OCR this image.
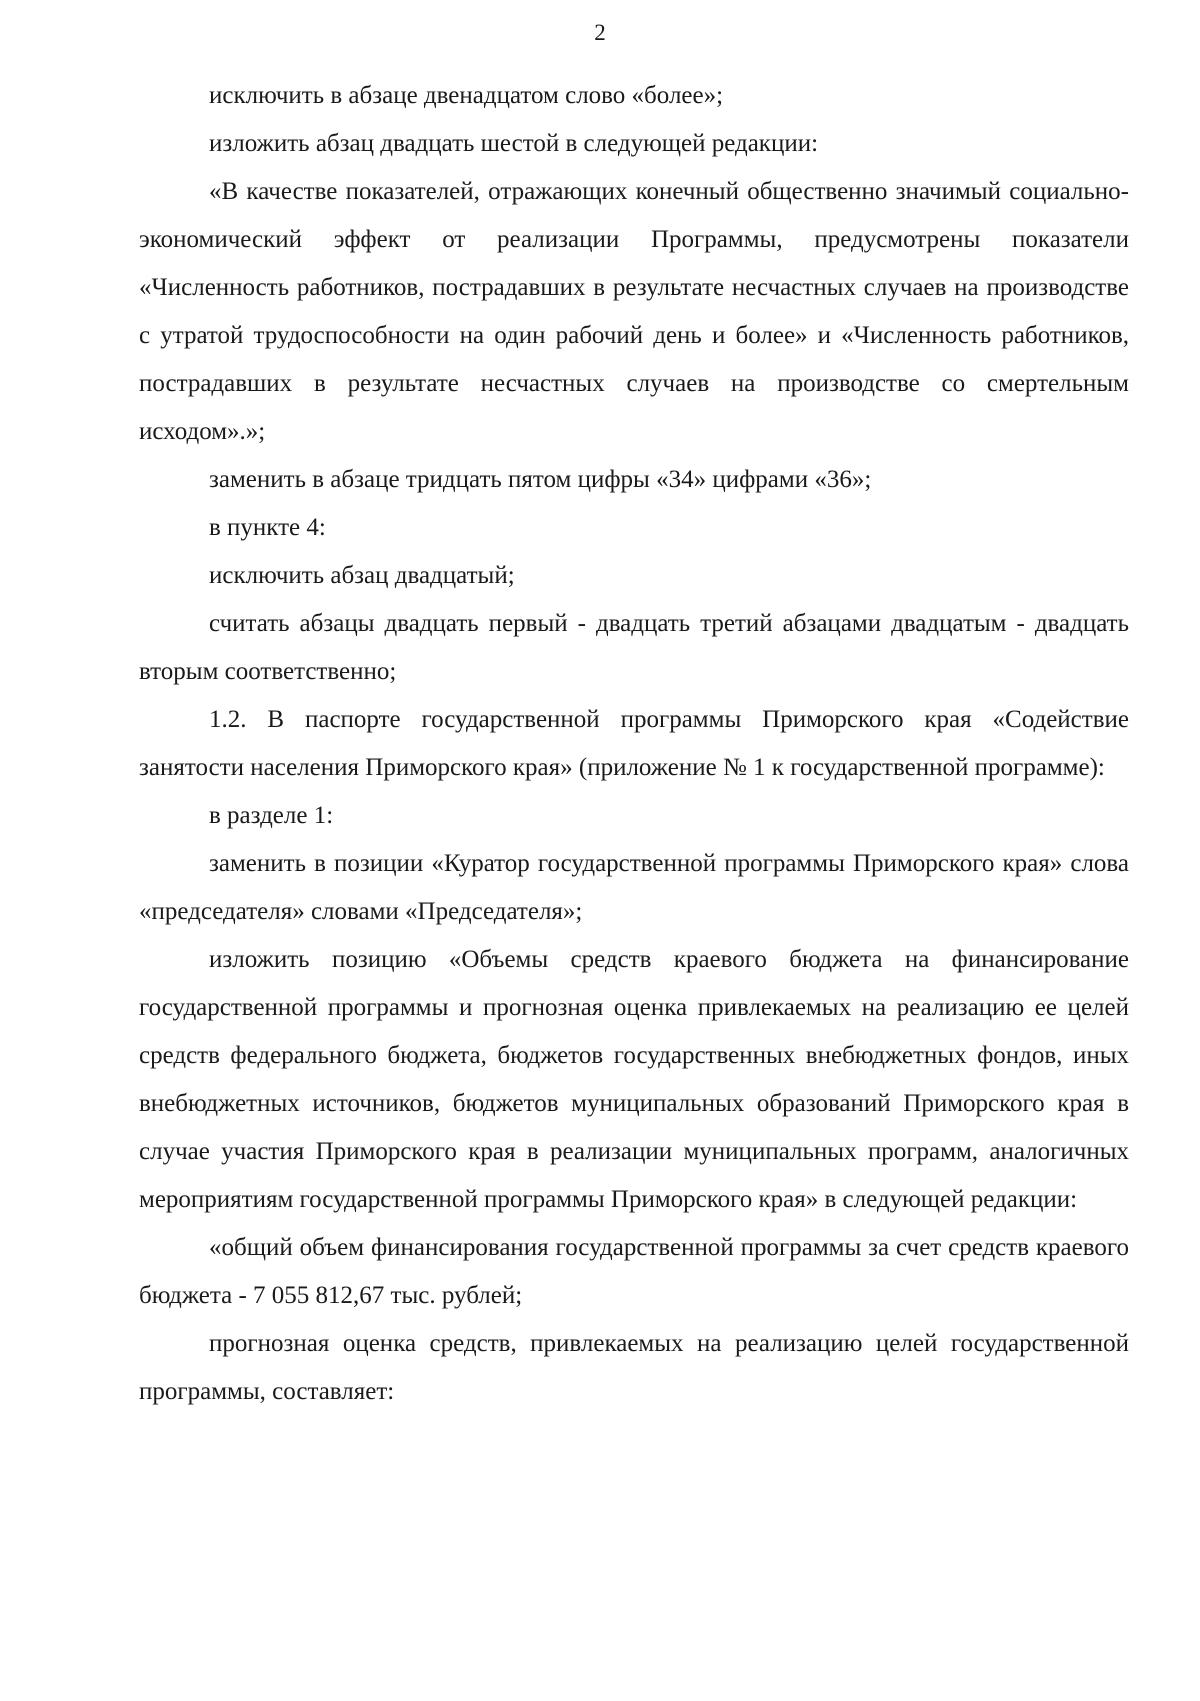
2

исключить в абзаце двенадцатом слово «более»;

изложить абзац двадцать шестой в следующей редакции:

«В качестве показателей, отражающих конечный общественно значимый социально-экономический эффект от реализации Программы, предусмотрены показатели «Численность работников, пострадавших в результате несчастных случаев на производстве с утратой трудоспособности на один рабочий день и более» и «Численность работников, пострадавших в результате несчастных случаев на производстве со смертельным исходом».»;

заменить в абзаце тридцать пятом цифры «34» цифрами «36»;

в пункте 4:

исключить абзац двадцатый;

считать абзацы двадцать первый - двадцать третий абзацами двадцатым - двадцать вторым соответственно;

1.2. В паспорте государственной программы Приморского края «Содействие занятости населения Приморского края» (приложение № 1 к государственной программе):

в разделе 1:

заменить в позиции «Куратор государственной программы Приморского края» слова «председателя» словами «Председателя»;

изложить позицию «Объемы средств краевого бюджета на финансирование государственной программы и прогнозная оценка привлекаемых на реализацию ее целей средств федерального бюджета, бюджетов государственных внебюджетных фондов, иных внебюджетных источников, бюджетов муниципальных образований Приморского края в случае участия Приморского края в реализации муниципальных программ, аналогичных мероприятиям государственной программы Приморского края» в следующей редакции:

«общий объем финансирования государственной программы за счет средств краевого бюджета - 7 055 812,67 тыс. рублей;

прогнозная оценка средств, привлекаемых на реализацию целей государственной программы, составляет:
